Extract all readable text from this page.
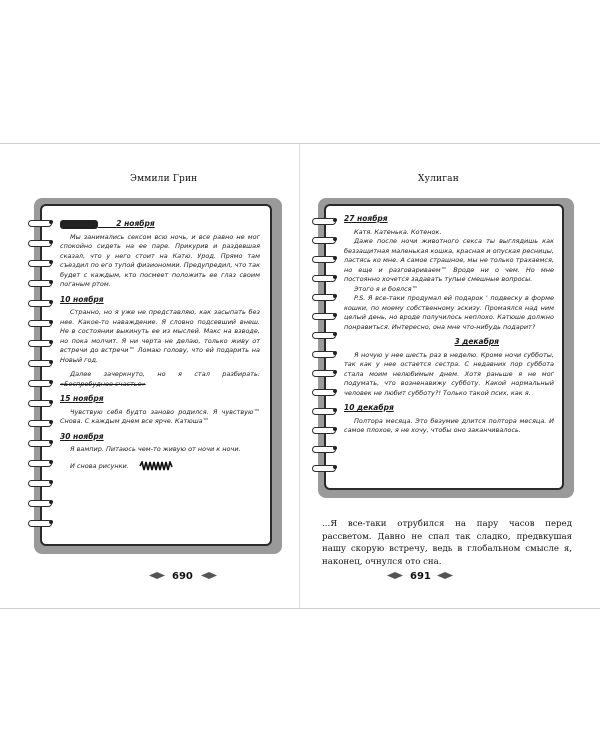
Эммили Грин
2 ноября

Мы занимались сексом всю ночь, и все равно не мог спокойно сидеть на ее паре. Прикурив и раздевшая сказал, что у него стоит на Катю. Урод. Прямо там съездил по его тупой физиономии. Предупредил, что так будет с каждым, кто посмеет положить ее глаз своим поганым ртом.

10 ноября

Странно, но я уже не представляю, как засыпать без нее. Какое-то наваждение. Я словно подсевший внеш. Не в состоянии выкинуть ее из мыслей. Макс на взводе, но пока молчит. Я ни черта не делаю, только живу от встречи до встречи™ Ломаю голову, что ей подарить на Новый год.

Далее зачеркнуто, но я стал разбирать: «Беспробудное счастье»

15 ноября

Чувствую себя будто заново родился. Я чувствую™ Снова. С каждым днем все ярче. Катюша™

30 ноября

Я вампир. Питаюсь чем-то живую от ночи к ночи.

И снова рисунки.

690
Хулиган
27 ноября

Катя. Катенька. Котенок.

Даже после ночи животного секса ты выглядишь как беззащитная маленькая кошка, красная и опуская ресницы, ластясь ко мне. А самое страшное, мы не только трахаемся, но еще и разговариваем™ Вроде ни о чем. Но мне постоянно хочется задавать тупые смешные вопросы.

Этого я и боялся™

P.S. Я все-таки продумал ей подарок ' подвеску в форме кошки, по моему собственному эскизу. Промаялся над ним целый день, но вроде получилось неплохо. Катюше должно понравиться. Интересно, она мне что-нибудь подарит?

3 декабря

Я ночую у нее шесть раз в неделю. Кроме ночи субботы, так как у нее остается сестра. С недавних пор суббота стала моим нелюбимым днем. Хотя раньше я не мог подумать, что возненавижу субботу. Какой нормальный человек не любит субботу?! Только такой псих, как я.

10 декабря

Полтора месяца. Это безумие длится полтора месяца. И самое плохое, я не хочу, чтобы оно заканчивалось.

...Я все-таки отрубился на пару часов перед рассветом. Давно не спал так сладко, предвкушая нашу скорую встречу, ведь в глобальном смысле я, наконец, очнулся ото сна.
691
